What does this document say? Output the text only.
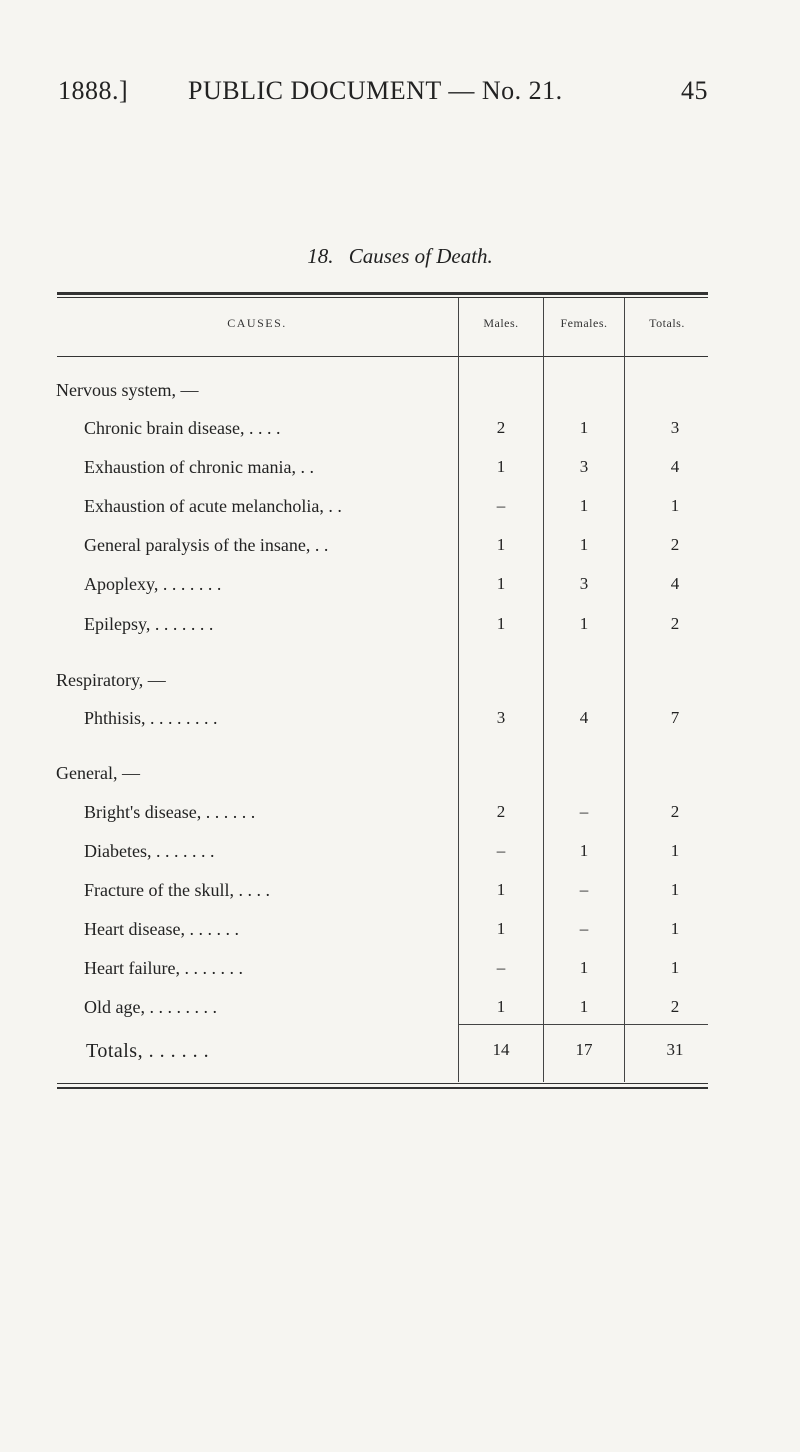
1888.] PUBLIC DOCUMENT — No. 21.	45
18. Causes of Death.
CAUSES.	Males.	Females.	Totals.
Nervous system, —
Chronic brain disease, . . . .	2	1	3
Exhaustion of chronic mania, . .	1	3	4
Exhaustion of acute melancholia, . .	–	1	1
General paralysis of the insane, . .	1	1	2
Apoplexy, . . . . . . .	1	3	4
Epilepsy, . . . . . . .	1	1	2
Respiratory, —
Phthisis, . . . . . . . .	3	4	7
General, —
Bright's disease, . . . . . .	2	–	2
Diabetes, . . . . . . .	–	1	1
Fracture of the skull, . . . .	1	–	1
Heart disease, . . . . . .	1	–	1
Heart failure, . . . . . . .	–	1	1
Old age, . . . . . . . .	1	1	2
Totals, . . . . . .	14	17	31
